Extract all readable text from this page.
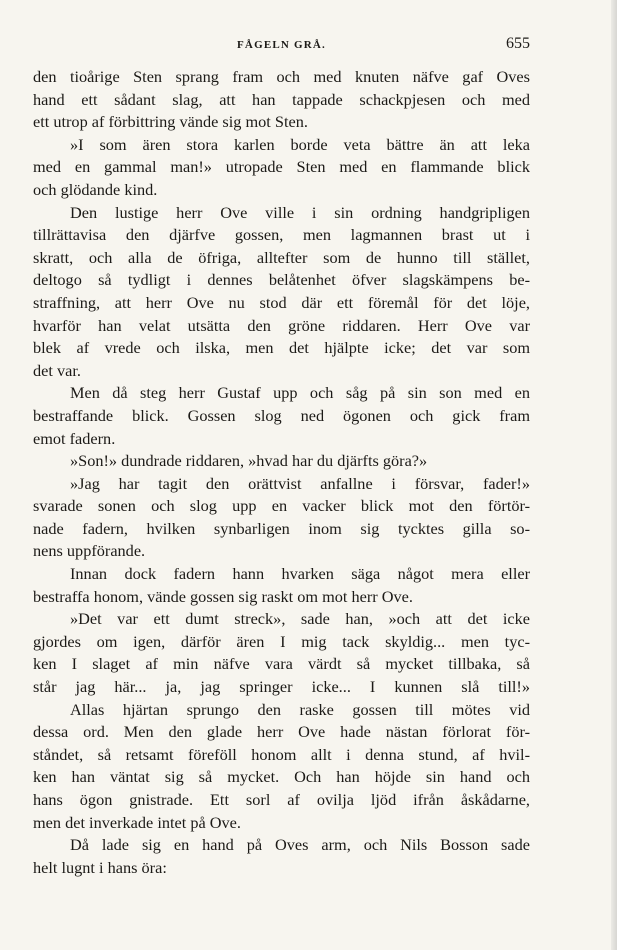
FÅGELN GRÅ.	655
den tioårige Sten sprang fram och med knuten näfve gaf Oves
hand ett sådant slag, att han tappade schackpjesen och med
ett utrop af förbittring vände sig mot Sten.
»I som ären stora karlen borde veta bättre än att leka
med en gammal man!» utropade Sten med en flammande blick
och glödande kind.
Den lustige herr Ove ville i sin ordning handgripligen
tillrättavisa den djärfve gossen, men lagmannen brast ut i
skratt, och alla de öfriga, alltefter som de hunno till stället,
deltogo så tydligt i dennes belåtenhet öfver slagskämpens be-
straffning, att herr Ove nu stod där ett föremål för det löje,
hvarför han velat utsätta den gröne riddaren. Herr Ove var
blek af vrede och ilska, men det hjälpte icke; det var som
det var.
Men då steg herr Gustaf upp och såg på sin son med en
bestraffande blick. Gossen slog ned ögonen och gick fram
emot fadern.
»Son!» dundrade riddaren, »hvad har du djärfts göra?»
»Jag har tagit den orättvist anfallne i försvar, fader!»
svarade sonen och slog upp en vacker blick mot den förtör-
nade fadern, hvilken synbarligen inom sig tycktes gilla so-
nens uppförande.
Innan dock fadern hann hvarken säga något mera eller
bestraffa honom, vände gossen sig raskt om mot herr Ove.
»Det var ett dumt streck», sade han, »och att det icke
gjordes om igen, därför ären I mig tack skyldig... men tyc-
ken I slaget af min näfve vara värdt så mycket tillbaka, så
står jag här... ja, jag springer icke... I kunnen slå till!»
Allas hjärtan sprungo den raske gossen till mötes vid
dessa ord. Men den glade herr Ove hade nästan förlorat för-
ståndet, så retsamt föreföll honom allt i denna stund, af hvil-
ken han väntat sig så mycket. Och han höjde sin hand och
hans ögon gnistrade. Ett sorl af ovilja ljöd ifrån åskådarne,
men det inverkade intet på Ove.
Då lade sig en hand på Oves arm, och Nils Bosson sade
helt lugnt i hans öra:
